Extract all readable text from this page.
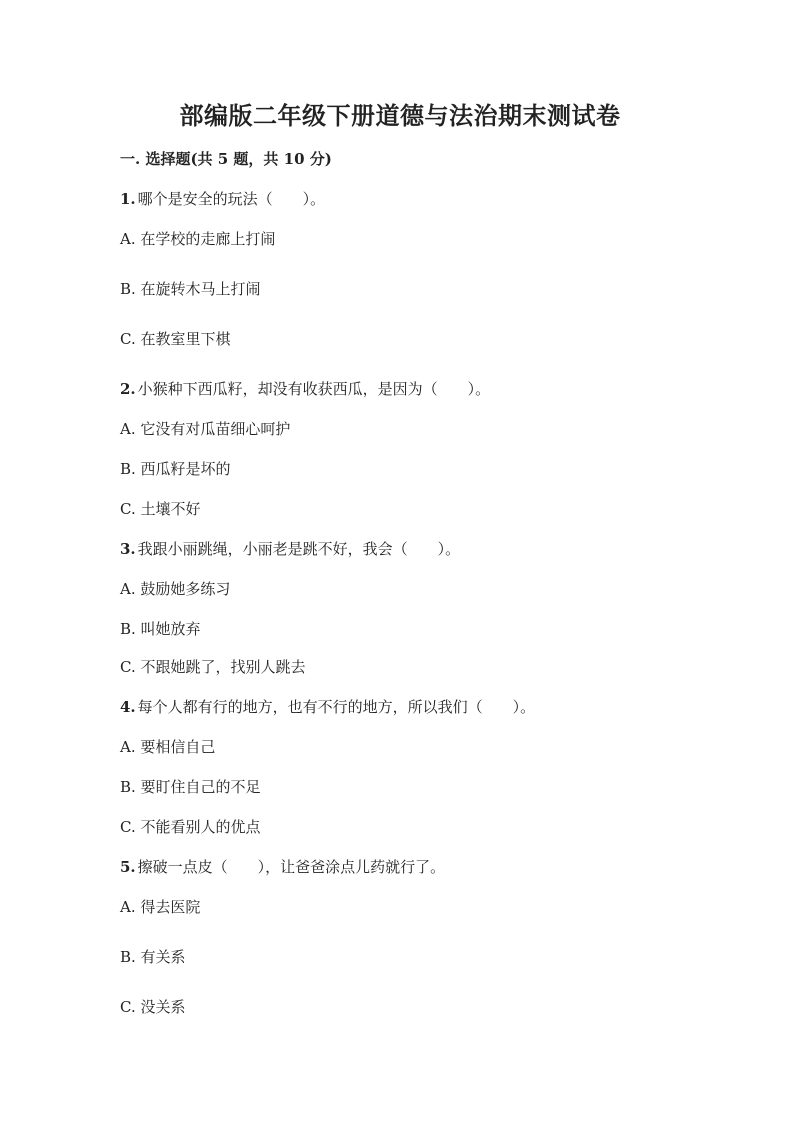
部编版二年级下册道德与法治期末测试卷
一. 选择题(共 5 题，共 10 分)
1. 哪个是安全的玩法（　　）。
A. 在学校的走廊上打闹
B. 在旋转木马上打闹
C. 在教室里下棋
2. 小猴种下西瓜籽，却没有收获西瓜，是因为（　　）。
A. 它没有对瓜苗细心呵护
B. 西瓜籽是坏的
C. 土壤不好
3. 我跟小丽跳绳，小丽老是跳不好，我会（　　）。
A. 鼓励她多练习
B. 叫她放弃
C. 不跟她跳了，找别人跳去
4. 每个人都有行的地方，也有不行的地方，所以我们（　　）。
A. 要相信自己
B. 要盯住自己的不足
C. 不能看别人的优点
5. 擦破一点皮（　　），让爸爸涂点儿药就行了。
A. 得去医院
B. 有关系
C. 没关系
